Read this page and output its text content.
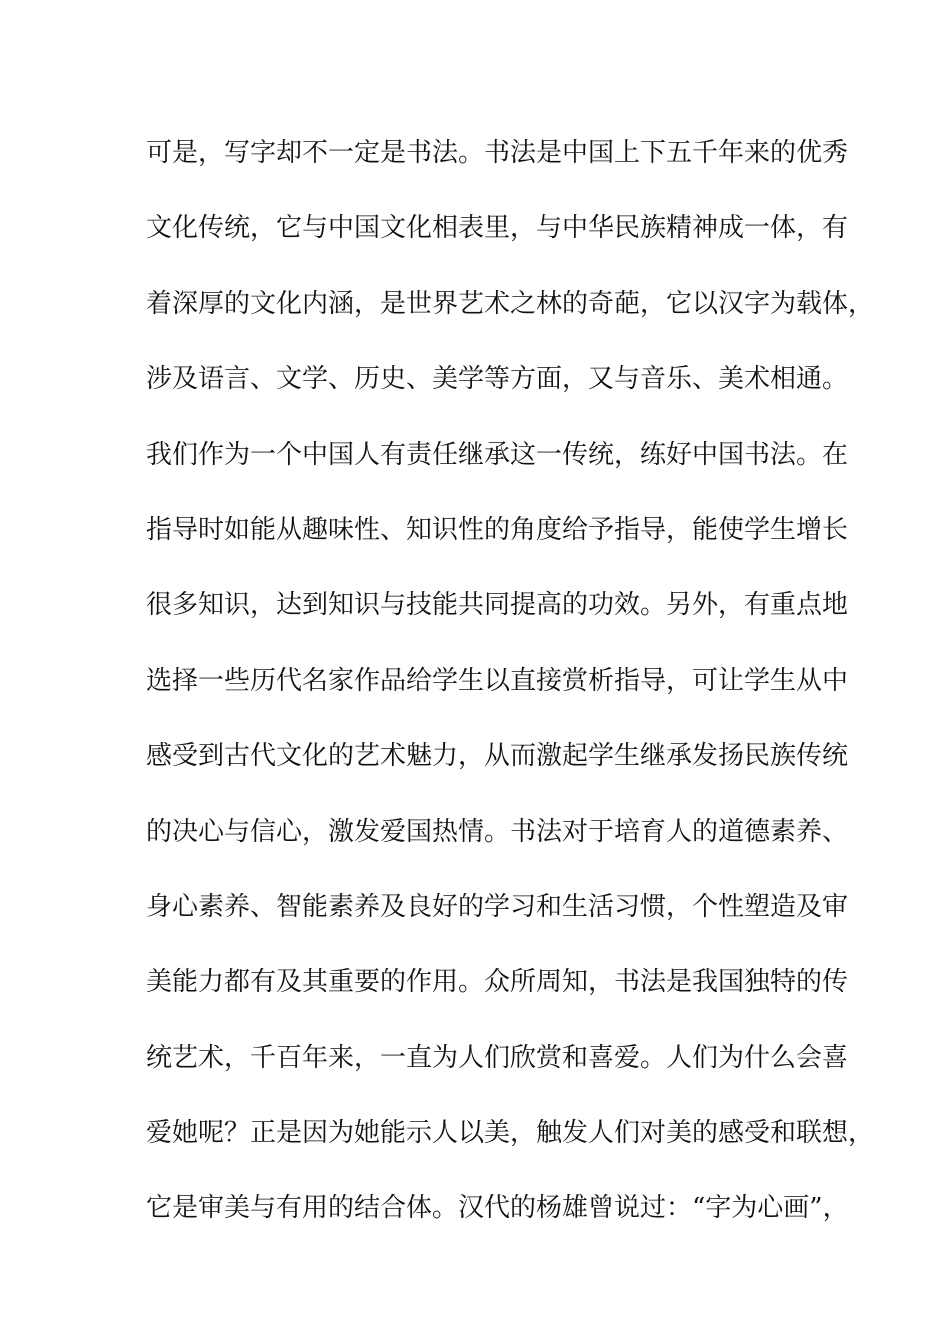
可是，写字却不一定是书法。书法是中国上下五千年来的优秀
文化传统，它与中国文化相表里，与中华民族精神成一体，有
着深厚的文化内涵，是世界艺术之林的奇葩，它以汉字为载体，
涉及语言、文学、历史、美学等方面，又与音乐、美术相通。
我们作为一个中国人有责任继承这一传统，练好中国书法。在
指导时如能从趣味性、知识性的角度给予指导，能使学生增长
很多知识，达到知识与技能共同提高的功效。另外，有重点地
选择一些历代名家作品给学生以直接赏析指导，可让学生从中
感受到古代文化的艺术魅力，从而激起学生继承发扬民族传统
的决心与信心，激发爱国热情。书法对于培育人的道德素养、
身心素养、智能素养及良好的学习和生活习惯，个性塑造及审
美能力都有及其重要的作用。众所周知，书法是我国独特的传
统艺术，千百年来，一直为人们欣赏和喜爱。人们为什么会喜
爱她呢？正是因为她能示人以美，触发人们对美的感受和联想，
它是审美与有用的结合体。汉代的杨雄曾说过：“字为心画”，
